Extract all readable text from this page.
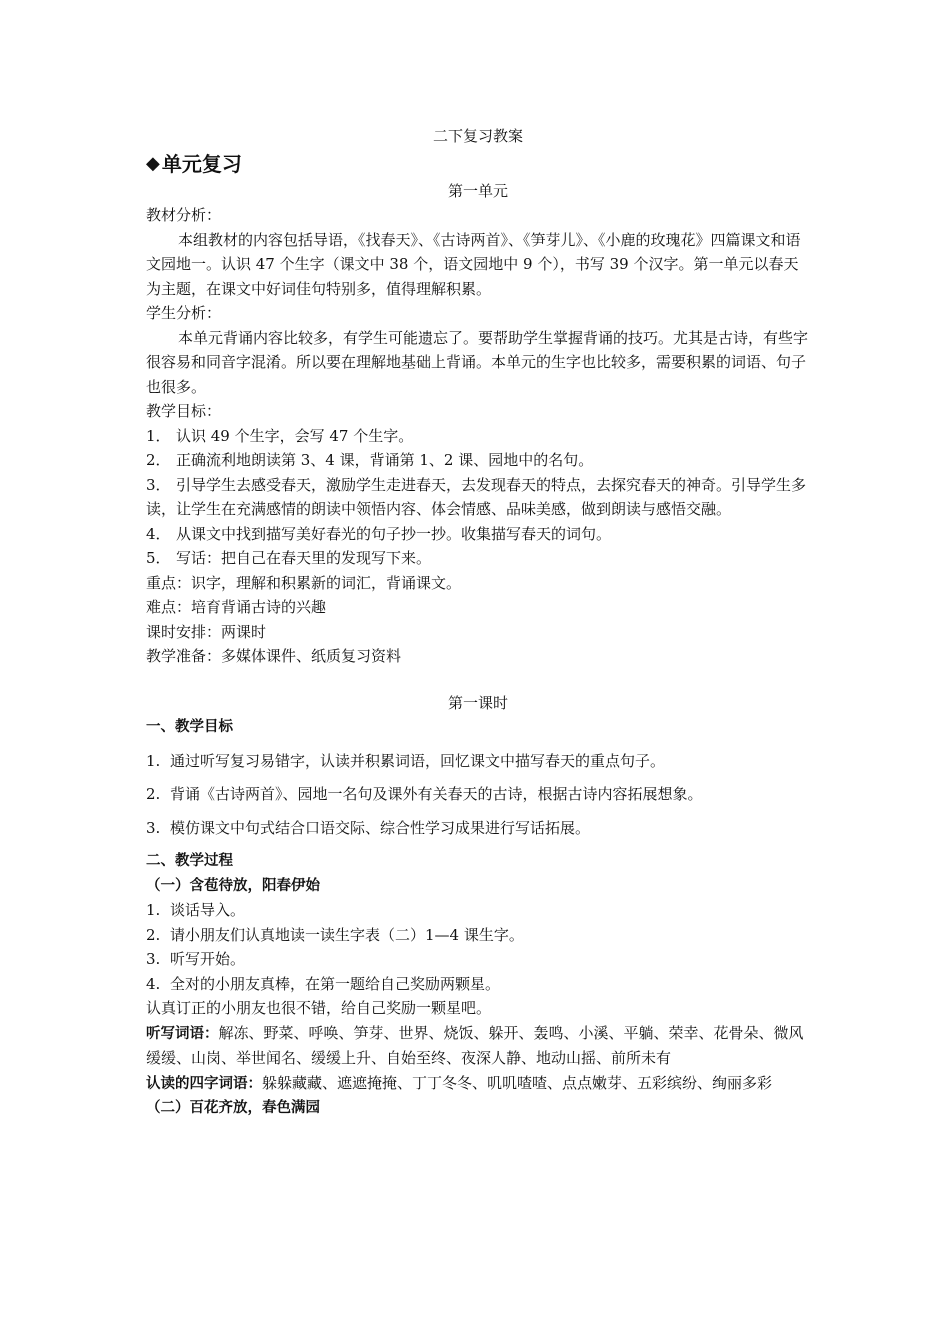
二下复习教案

◆ 单元复习

第一单元

教材分析：

本组教材的内容包括导语，《找春天》、《古诗两首》、《笋芽儿》、《小鹿的玫瑰花》四篇课文和语文园地一。认识 47 个生字（课文中 38 个，语文园地中 9 个），书写 39 个汉字。第一单元以春天为主题，在课文中好词佳句特别多，值得理解积累。

学生分析：

本单元背诵内容比较多，有学生可能遗忘了。要帮助学生掌握背诵的技巧。尤其是古诗，有些字很容易和同音字混淆。所以要在理解地基础上背诵。本单元的生字也比较多，需要积累的词语、句子也很多。

教学目标：

1． 认识 49 个生字，会写 47 个生字。

2． 正确流利地朗读第 3、4 课，背诵第 1、2 课、园地中的名句。

3． 引导学生去感受春天，激励学生走进春天，去发现春天的特点，去探究春天的神奇。引导学生多读，让学生在充满感情的朗读中领悟内容、体会情感、品味美感，做到朗读与感悟交融。

4． 从课文中找到描写美好春光的句子抄一抄。收集描写春天的词句。

5． 写话：把自己在春天里的发现写下来。

重点：识字，理解和积累新的词汇，背诵课文。

难点：培育背诵古诗的兴趣

课时安排：两课时

教学准备：多媒体课件、纸质复习资料

第一课时

一、教学目标

1. 通过听写复习易错字，认读并积累词语，回忆课文中描写春天的重点句子。

2. 背诵《古诗两首》、园地一名句及课外有关春天的古诗，根据古诗内容拓展想象。

3. 模仿课文中句式结合口语交际、综合性学习成果进行写话拓展。

二、教学过程

（一）含苞待放，阳春伊始

1. 谈话导入。

2. 请小朋友们认真地读一读生字表（二）1—4 课生字。

3. 听写开始。

4. 全对的小朋友真棒，在第一题给自己奖励两颗星。

认真订正的小朋友也很不错，给自己奖励一颗星吧。

听写词语：解冻、野菜、呼唤、笋芽、世界、烧饭、躲开、轰鸣、小溪、平躺、荣幸、花骨朵、微风缓缓、山岗、举世闻名、缓缓上升、自始至终、夜深人静、地动山摇、前所未有

认读的四字词语：躲躲藏藏、遮遮掩掩、丁丁冬冬、叽叽喳喳、点点嫩芽、五彩缤纷、绚丽多彩

（二）百花齐放，春色满园
